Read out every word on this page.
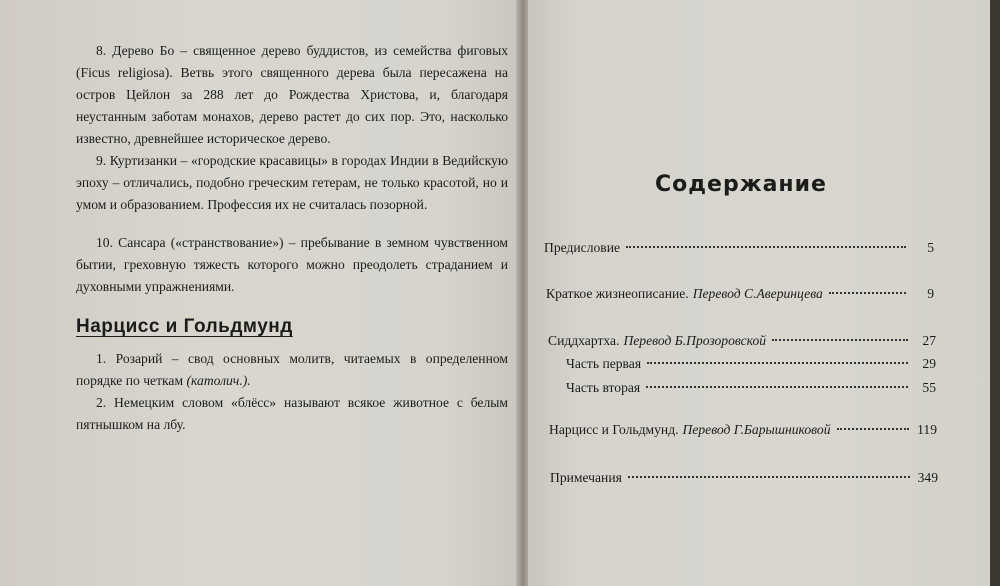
8. Дерево Бо – священное дерево буддистов, из семейства фиговых (Ficus religiosa). Ветвь этого священного дерева была пересажена на остров Цейлон за 288 лет до Рождества Христова, и, благодаря неустанным заботам монахов, дерево растет до сих пор. Это, насколько известно, древнейшее историческое дерево.

9. Куртизанки – «городские красавицы» в городах Индии в Ведийскую эпоху – отличались, подобно греческим гетерам, не только красотой, но и умом и образованием. Профессия их не считалась позорной.

10. Сансара («странствование») – пребывание в земном чувственном бытии, греховную тяжесть которого можно преодолеть страданием и духовными упражнениями.

Нарцисс и Гольдмунд

1. Розарий – свод основных молитв, читаемых в определенном порядке по четкам (католич.).

2. Немецким словом «блёсс» называют всякое животное с белым пятнышком на лбу.

Содержание
Предисловие	5
Краткое жизнеописание. Перевод С.Аверинцева	9
Сиддхартха. Перевод Б.Прозоровской	27
Часть первая	29
Часть вторая	55
Нарцисс и Гольдмунд. Перевод Г.Барышниковой	119
Примечания	349
